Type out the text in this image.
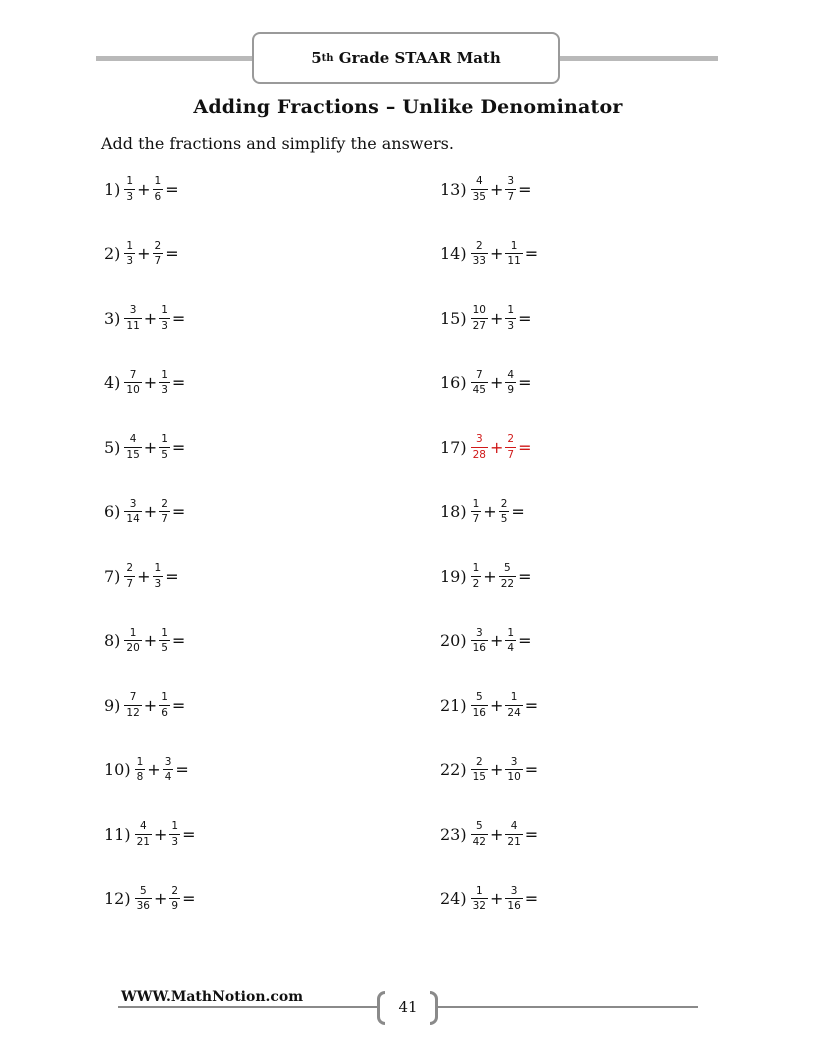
5 th Grade STAAR Math
Adding Fractions – Unlike Denominator
Add the fractions and simplify the answers.
$1) \frac{1}{3} + \frac{1}{6}$ =
$2) \frac{1}{3} + \frac{2}{7}$ =
$3) \frac{3}{11} + \frac{1}{3}$ =
$4) \frac{7}{10} + \frac{1}{3}$ =
$5) \frac{4}{15} + \frac{1}{5}$ =
$6) \frac{3}{14} + \frac{2}{7}$ =
$7) \frac{2}{7} + \frac{1}{3}$ =
$8) \frac{1}{20} + \frac{1}{5}$ =
$9) \frac{7}{12} + \frac{1}{6}$ =
$10) \frac{1}{8} + \frac{3}{4}$ =
$11) \frac{4}{21} + \frac{1}{3}$ =
$12) \frac{5}{36} + \frac{2}{9}$ =
$13) \frac{4}{35} + \frac{3}{7}$ =
$14) \frac{2}{33} + \frac{1}{11}$ =
$15) \frac{10}{27} + \frac{1}{3}$ =
$16) \frac{7}{45} + \frac{4}{9}$ =
$17) \frac{3}{28} + \frac{2}{7}$ =
$18) \frac{1}{7} + \frac{2}{5}$ =
$19) \frac{1}{2} + \frac{5}{22}$ =
$20) \frac{3}{16} + \frac{1}{4}$ =
$21) \frac{5}{16} + \frac{1}{24}$ =
$22) \frac{2}{15} + \frac{3}{10}$ =
$23) \frac{5}{42} + \frac{4}{21}$ =
$24) \frac{1}{32} + \frac{3}{16}$ =
WWW.MathNotion.com
41
